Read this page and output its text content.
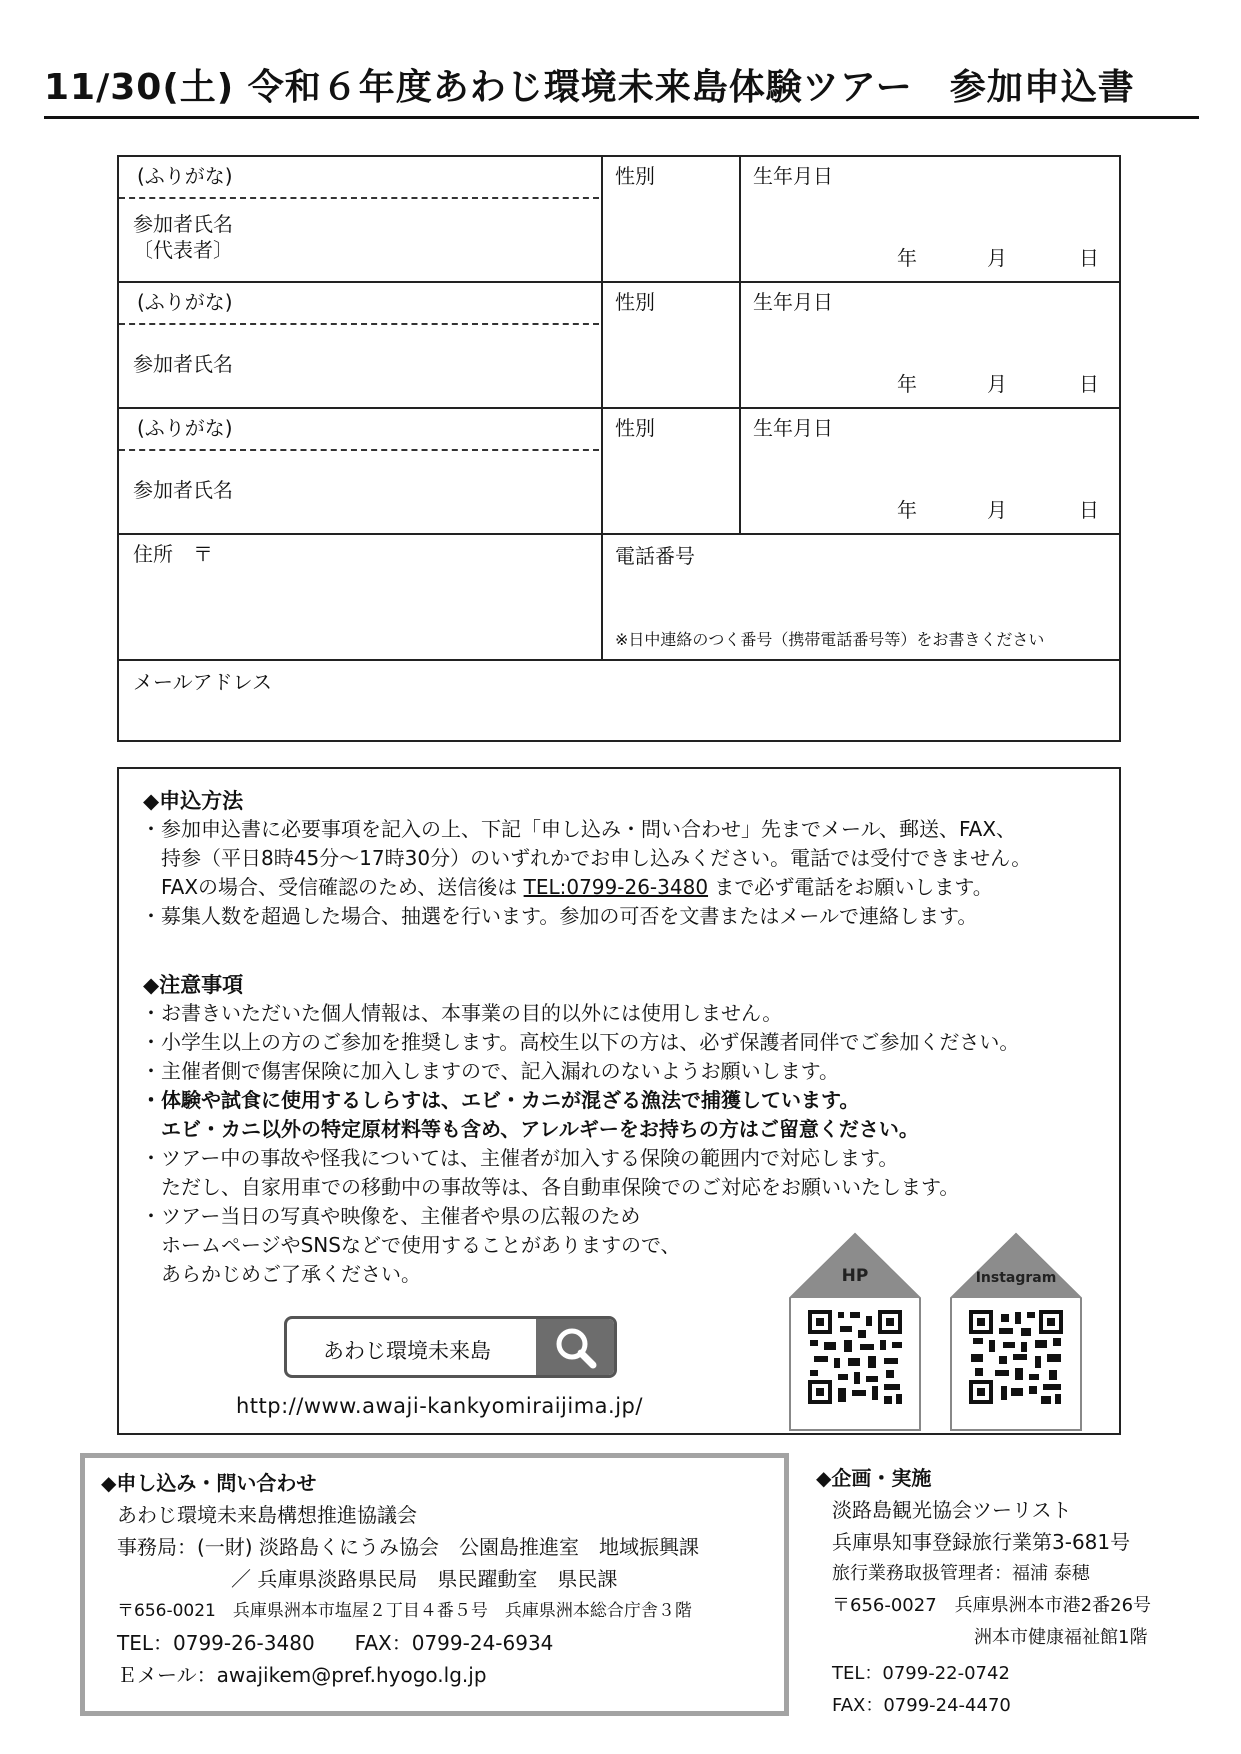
11/30(土) 令和６年度あわじ環境未来島体験ツアー　参加申込書
(ふりがな)
参加者氏名
〔代表者〕
性別	生年月日
年	月	日
(ふりがな)
参加者氏名
性別	生年月日
年	月	日
(ふりがな)
参加者氏名
性別	生年月日
年	月	日
住所　〒	電話番号
※日中連絡のつく番号（携帯電話番号等）をお書きください
メールアドレス
◆申込方法
・参加申込書に必要事項を記入の上、下記「申し込み・問い合わせ」先までメール、郵送、FAX、
持参（平日8時45分～17時30分）のいずれかでお申し込みください。電話では受付できません。
FAXの場合、受信確認のため、送信後は TEL:0799-26-3480 まで必ず電話をお願いします。
・募集人数を超過した場合、抽選を行います。参加の可否を文書またはメールで連絡します。
◆注意事項
・お書きいただいた個人情報は、本事業の目的以外には使用しません。
・小学生以上の方のご参加を推奨します。高校生以下の方は、必ず保護者同伴でご参加ください。
・主催者側で傷害保険に加入しますので、記入漏れのないようお願いします。
・体験や試食に使用するしらすは、エビ・カニが混ざる漁法で捕獲しています。
エビ・カニ以外の特定原材料等も含め、アレルギーをお持ちの方はご留意ください。
・ツアー中の事故や怪我については、主催者が加入する保険の範囲内で対応します。
ただし、自家用車での移動中の事故等は、各自動車保険でのご対応をお願いいたします。
・ツアー当日の写真や映像を、主催者や県の広報のため
ホームページやSNSなどで使用することがありますので、
あらかじめご了承ください。
あわじ環境未来島
http://www.awaji-kankyomiraijima.jp/
HP	Instagram
◆申し込み・問い合わせ
あわじ環境未来島構想推進協議会
事務局：(一財) 淡路島くにうみ協会　公園島推進室　地域振興課
／ 兵庫県淡路県民局　県民躍動室　県民課
〒656-0021　兵庫県洲本市塩屋２丁目４番５号　兵庫県洲本総合庁舎３階
TEL：0799-26-3480　　FAX：0799-24-6934
Ｅメール：awajikem@pref.hyogo.lg.jp
◆企画・実施
淡路島観光協会ツーリスト
兵庫県知事登録旅行業第3-681号
旅行業務取扱管理者：福浦 泰穂
〒656-0027　兵庫県洲本市港2番26号
洲本市健康福祉館1階
TEL：0799-22-0742
FAX：0799-24-4470
